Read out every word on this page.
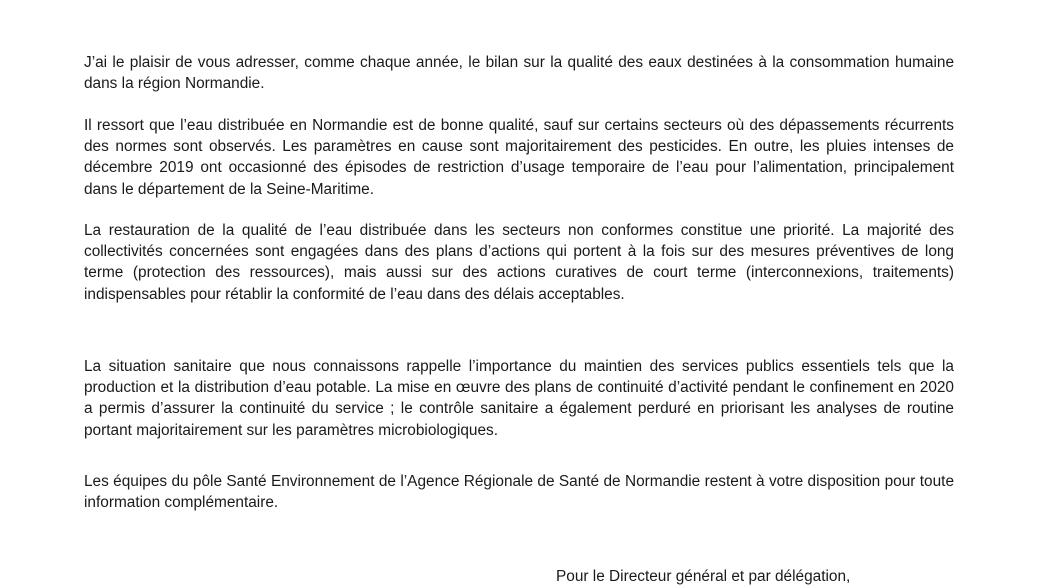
J’ai le plaisir de vous adresser, comme chaque année, le bilan sur la qualité des eaux destinées à la consommation humaine dans la région Normandie.

Il ressort que l’eau distribuée en Normandie est de bonne qualité, sauf sur certains secteurs où des dépassements récurrents des normes sont observés. Les paramètres en cause sont majoritairement des pesticides. En outre, les pluies intenses de décembre 2019 ont occasionné des épisodes de restriction d’usage temporaire de l’eau pour l’alimentation, principalement dans le département de la Seine-Maritime.

La restauration de la qualité de l’eau distribuée dans les secteurs non conformes constitue une priorité. La majorité des collectivités concernées sont engagées dans des plans d’actions qui portent à la fois sur des mesures préventives de long terme (protection des ressources), mais aussi sur des actions curatives de court terme (interconnexions, traitements) indispensables pour rétablir la conformité de l’eau dans des délais acceptables.

La situation sanitaire que nous connaissons rappelle l’importance du maintien des services publics essentiels tels que la production et la distribution d’eau potable. La mise en œuvre des plans de continuité d’activité pendant le confinement en 2020 a permis d’assurer la continuité du service ; le contrôle sanitaire a également perduré en priorisant les analyses de routine portant majoritairement sur les paramètres microbiologiques.

Les équipes du pôle Santé Environnement de l’Agence Régionale de Santé de Normandie restent à votre disposition pour toute information complémentaire.

Pour le Directeur général et par délégation,
